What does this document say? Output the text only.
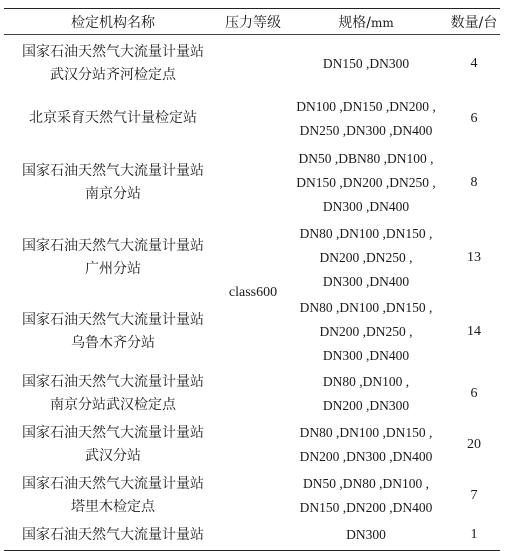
检定机构名称	压力等级	规格/mm	数量/台

国家石油天然气大流量计量站
武汉分站齐河检定点	class600	DN150 ,DN300	4

北京采育天然气计量检定站		DN100 ,DN150 ,DN200 ,
DN250 ,DN300 ,DN400	6

国家石油天然气大流量计量站
南京分站		DN50 ,DBN80 ,DN100 ,
DN150 ,DN200 ,DN250 ,
DN300 ,DN400	8

国家石油天然气大流量计量站
广州分站		DN80 ,DN100 ,DN150 ,
DN200 ,DN250 ,
DN300 ,DN400	13

国家石油天然气大流量计量站
乌鲁木齐分站		DN80 ,DN100 ,DN150 ,
DN200 ,DN250 ,
DN300 ,DN400	14

国家石油天然气大流量计量站
南京分站武汉检定点		DN80 ,DN100 ,
DN200 ,DN300	6

国家石油天然气大流量计量站
武汉分站		DN80 ,DN100 ,DN150 ,
DN200 ,DN300 ,DN400	20

国家石油天然气大流量计量站
塔里木检定点		DN50 ,DN80 ,DN100 ,
DN150 ,DN200 ,DN400	7

国家石油天然气大流量计量站		DN300	1
